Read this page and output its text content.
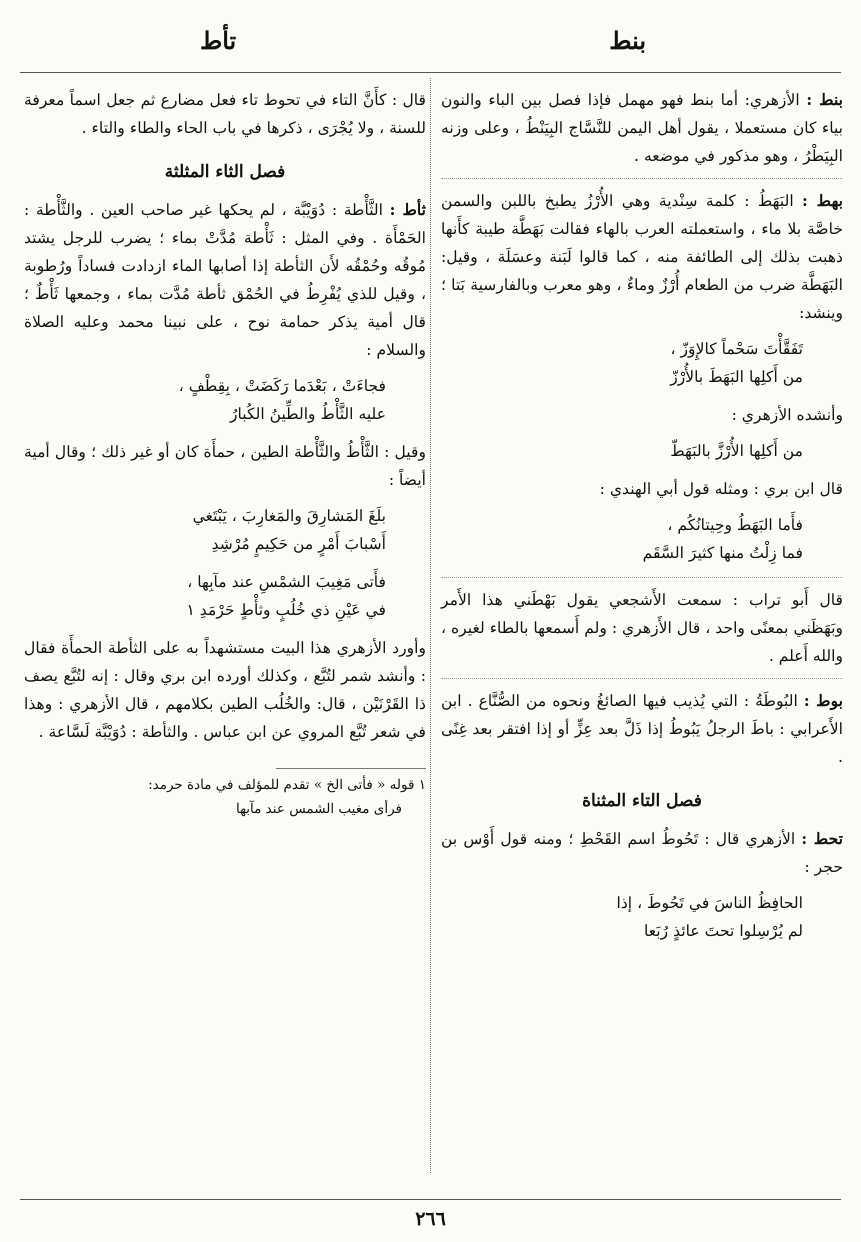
بنط
تأط

بنط : الأزهري: أما بنط فهو مهمل فإذا فصل بين الباء والنون بياء كان مستعملا ، يقول أهل اليمن للنَّسَّاج البِيَنْطُ ، وعلى وزنه البِيَطْرُ ، وهو مذكور في موضعه .

بهط : البَهَطُ : كلمة سِنْدية وهي الأُرْزُ يطبخ باللبن والسمن خاصَّة بلا ماء ، واستعملته العرب بالهاء فقالت بَهَطَّة طيبة كأَنها ذهبت بذلك إلى الطائفة منه ، كما قالوا لَبَنة وعسَلَة ، وقيل: البَهَطَّة ضرب من الطعام أُرْزٌ وماءٌ ، وهو معرب وبالفارسية بَتا ؛ وينشد:

تَفَقَّأْتَ سَحْماً كالإِوَزّ ،
من أَكلِها البَهَطَ بالأُرْزّ

وأنشده الأزهري :

من أَكلِها الأُرْزَّ بالبَهَطّ

قال ابن بري : ومثله قول أبي الهندي :

فأَما البَهَطُ وحِيتانُكُم ،
فما زِلْتُ منها كثيرَ السَّقَم

قال أَبو تراب : سمعت الأَشجعي يقول بَهْطَني هذا الأَمر وبَهَظَني بمعنًى واحد ، قال الأَزهري : ولم أَسمعها بالطاء لغيره ، والله أَعلم .

بوط : البُوطَةُ : التي يُذيب فيها الصائغُ ونحوه من الصُّنَّاع . ابن الأَعرابي : باطَ الرجلُ يَبُوطُ إذا ذَلَّ بعد عِزٍّ أو إذا افتقر بعد غِنًى .

فصل التاء المثناة

تحط : الأزهري قال : تَحُوطُ اسم القَحْطِ ؛ ومنه قول أَوْس بن حجر :

الحافِظُ الناسَ في تَحُوطَ ، إذا
لم يُرْسِلوا تحتَ عائذٍ رُبَعا

قال : كأَنَّ التاء في تحوط تاء فعل مضارع ثم جعل اسماً معرفة للسنة ، ولا يُجْرَى ، ذكرها في باب الحاء والطاء والتاء .

فصل الثاء المثلثة

ثأط : الثَّأْطة : دُوَيْبَّة ، لم يحكها غير صاحب العين . والثَّأْطة : الحَمْأَة . وفي المثل : ثَأْطة مُدَّتْ بماء ؛ يضرب للرجل يشتد مُوقُه وحُمْقُه لأَن الثأطة إذا أصابها الماء ازدادت فساداً ورُطوبة ، وقيل للذي يُفْرِطُ في الحُمْق ثأطة مُدَّت بماء ، وجمعها ثَأْطٌ ؛ قال أمية يذكر حمامة نوح ، على نبينا محمد وعليه الصلاة والسلام :

فجاءَتْ ، بَعْدَما رَكَضَتْ ، بِقِطْفٍ ،
عليه الثَّأْطُ والطِّينُ الكُبارُ

وقيل : الثَّأْطُ والثَّأْطة الطين ، حمأَة كان أو غير ذلك ؛ وقال أمية أيضاً :

بلَغَ المَشارِقَ والمَغارِبَ ، يَبْتَغي
أَسْبابَ أَمْرٍ من حَكِيمٍ مُرْشِدِ
فأَتى مَغِيبَ الشمْسِ عند مآبِها ،
في عَيْنِ ذي خُلُبٍ وثأْطٍ حَرْمَدِ ١

وأورد الأزهري هذا البيت مستشهداً به على الثأطة الحمأَة فقال : وأنشد شمر لتُبَّع ، وكذلك أورده ابن بري وقال : إنه لتُبَّع يصف ذا القَرْنَيْن ، قال: والخُلُب الطين بكلامهم ، قال الأزهري : وهذا في شعر تُبَّع المروي عن ابن عباس . والثأطة : دُوَيْبَّة لَسَّاعة .

١ قوله « فأتى الخ » تقدم للمؤلف في مادة حرمد:
فرأى مغيب الشمس عند مآبها
٢٦٦
